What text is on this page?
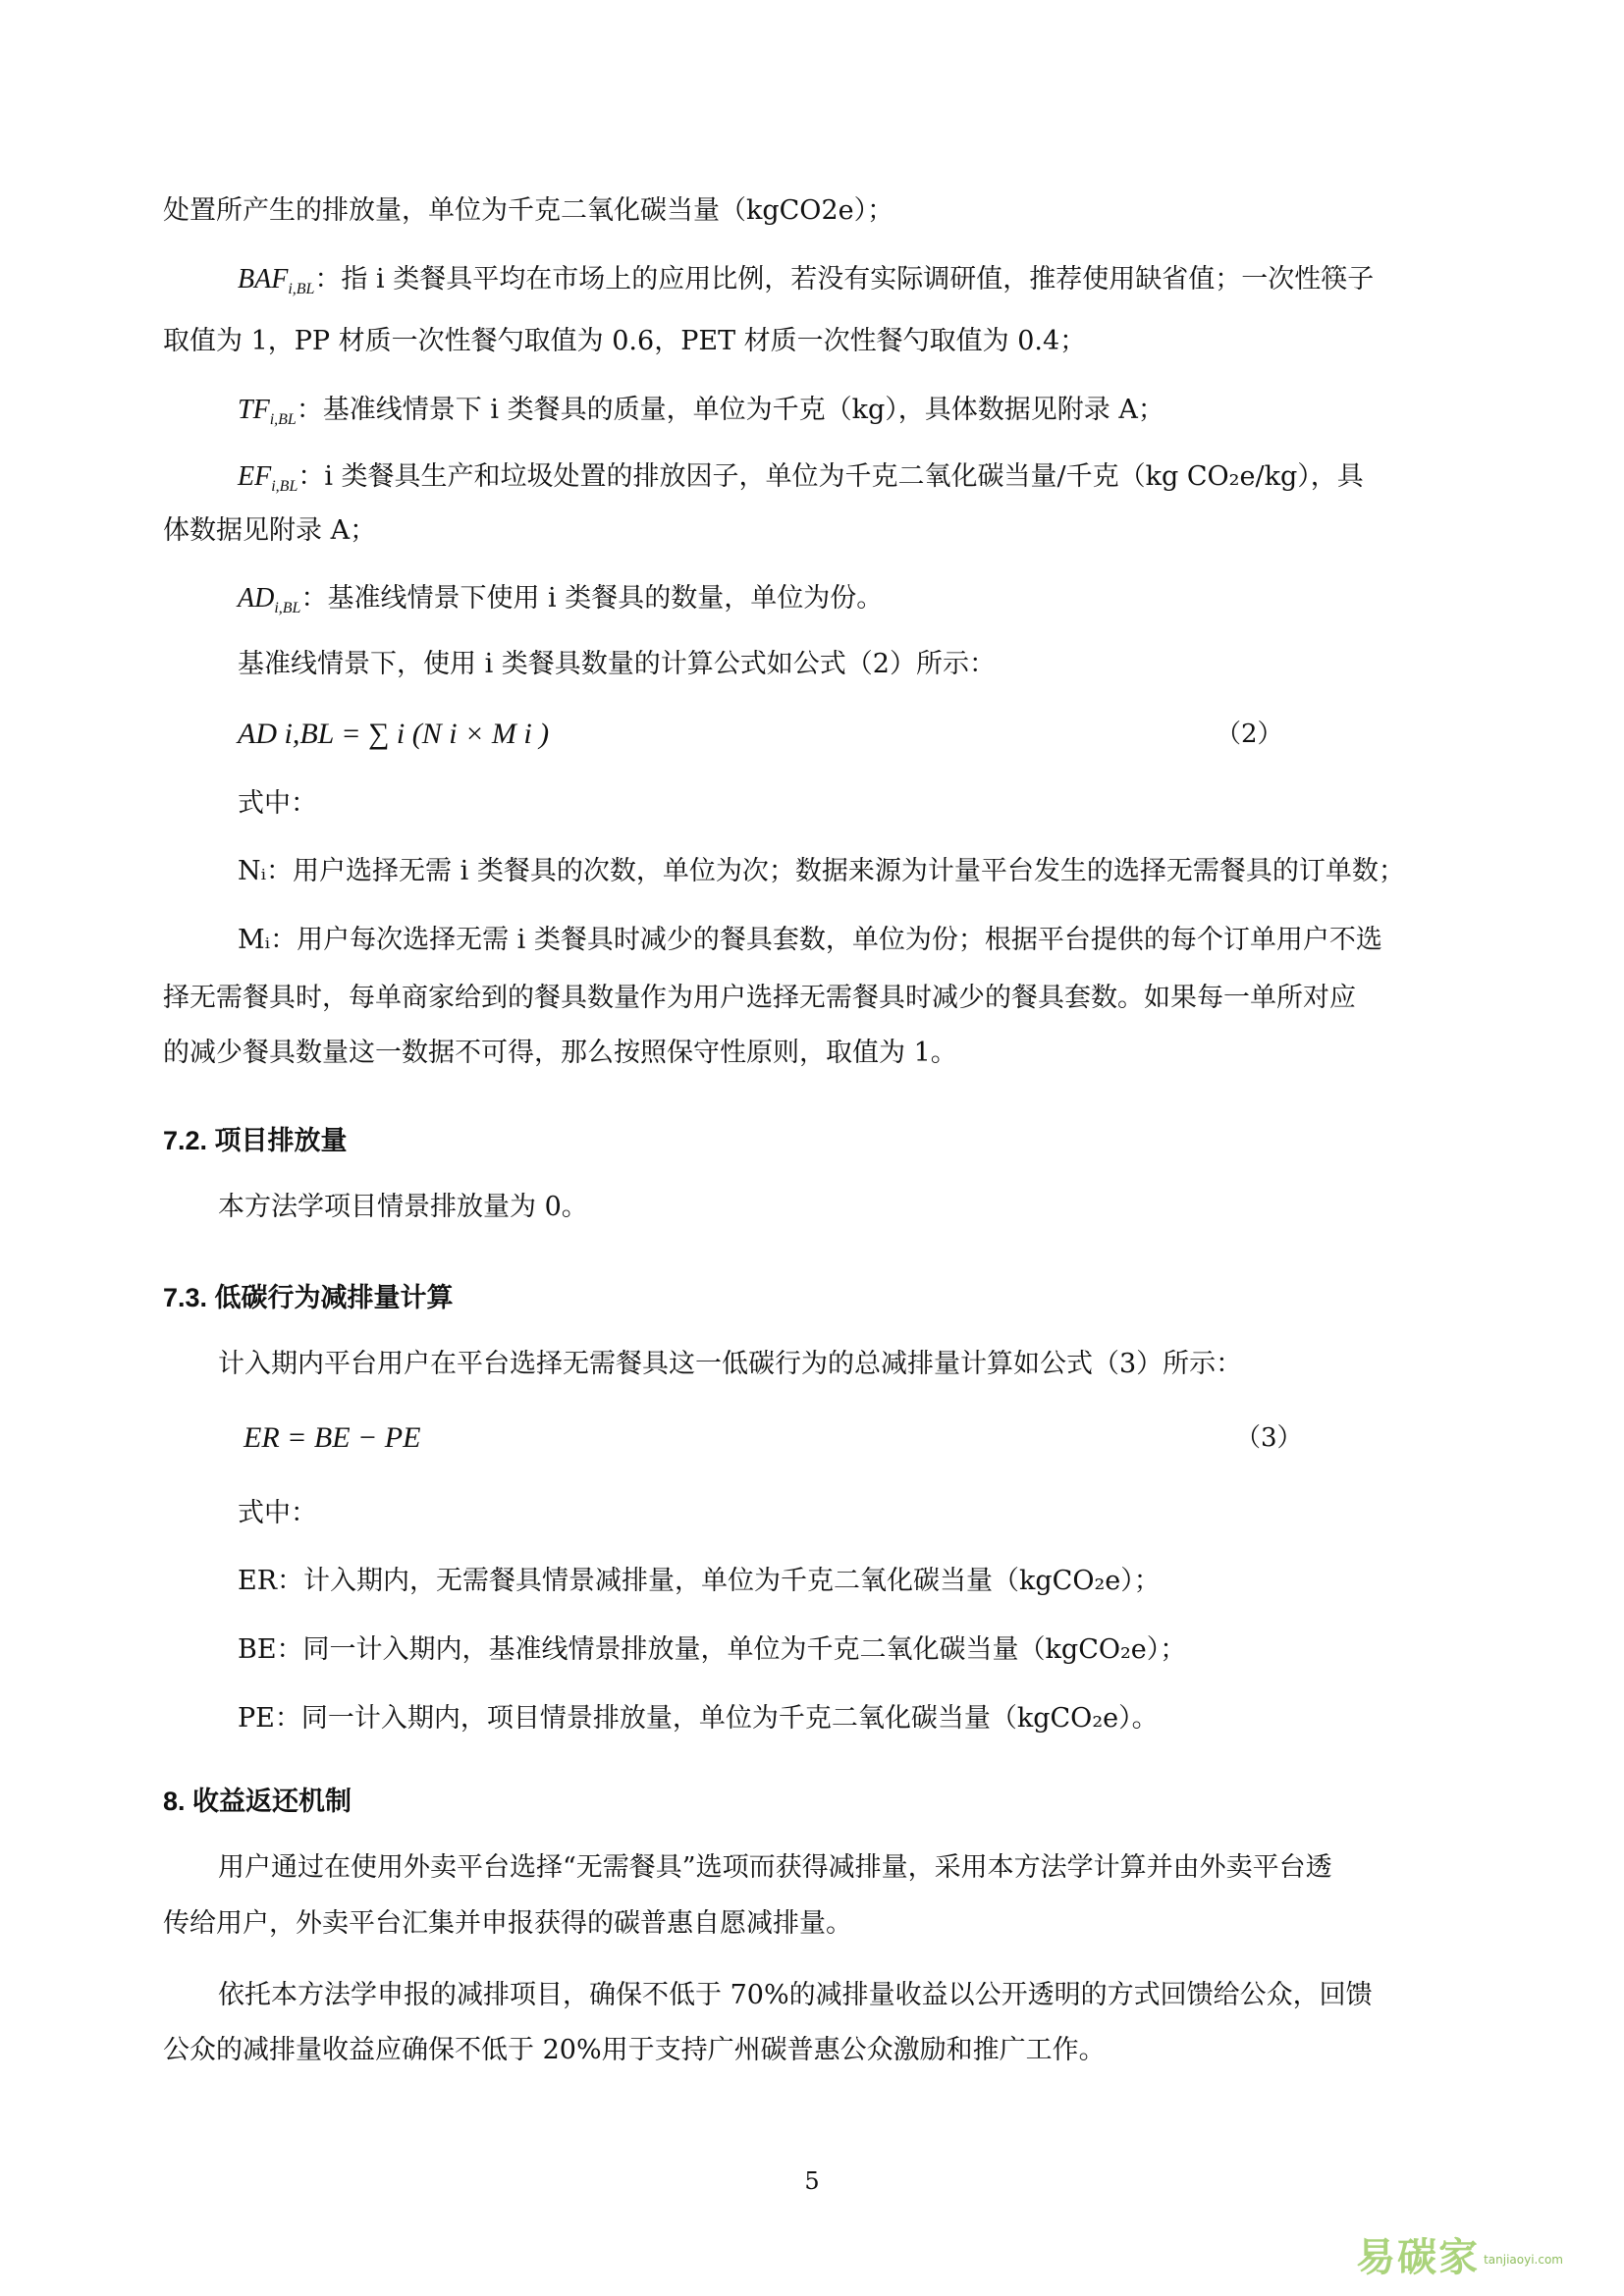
处置所产生的排放量，单位为千克二氧化碳当量（kgCO2e）；
$BAF_{i,BL}$：指 i 类餐具平均在市场上的应用比例，若没有实际调研值，推荐使用缺省值；一次性筷子
取值为 1，PP 材质一次性餐勺取值为 0.6，PET 材质一次性餐勺取值为 0.4；
$TF_{i,BL}$：基准线情景下 i 类餐具的质量，单位为千克（kg），具体数据见附录 A；
$EF_{i,BL}$：i 类餐具生产和垃圾处置的排放因子，单位为千克二氧化碳当量/千克（kg CO₂e/kg），具
体数据见附录 A；
$AD_{i,BL}$：基准线情景下使用 i 类餐具的数量，单位为份。
基准线情景下，使用 i 类餐具数量的计算公式如公式（2）所示：
AD i,BL = ∑ i (N i × M i )	（2）
式中：
Nᵢ：用户选择无需 i 类餐具的次数，单位为次；数据来源为计量平台发生的选择无需餐具的订单数；
Mᵢ：用户每次选择无需 i 类餐具时减少的餐具套数，单位为份；根据平台提供的每个订单用户不选
择无需餐具时，每单商家给到的餐具数量作为用户选择无需餐具时减少的餐具套数。如果每一单所对应
的减少餐具数量这一数据不可得，那么按照保守性原则，取值为 1。
7.2. 项目排放量
本方法学项目情景排放量为 0。
7.3. 低碳行为减排量计算
计入期内平台用户在平台选择无需餐具这一低碳行为的总减排量计算如公式（3）所示：
ER = BE − PE	（3）
式中：
ER：计入期内，无需餐具情景减排量，单位为千克二氧化碳当量（kgCO₂e）；
BE：同一计入期内，基准线情景排放量，单位为千克二氧化碳当量（kgCO₂e）；
PE：同一计入期内，项目情景排放量，单位为千克二氧化碳当量（kgCO₂e）。
8. 收益返还机制
用户通过在使用外卖平台选择“无需餐具”选项而获得减排量，采用本方法学计算并由外卖平台透
传给用户，外卖平台汇集并申报获得的碳普惠自愿减排量。
依托本方法学申报的减排项目，确保不低于 70%的减排量收益以公开透明的方式回馈给公众，回馈
公众的减排量收益应确保不低于 20%用于支持广州碳普惠公众激励和推广工作。
5
易碳家 tanjiaoyi.com
